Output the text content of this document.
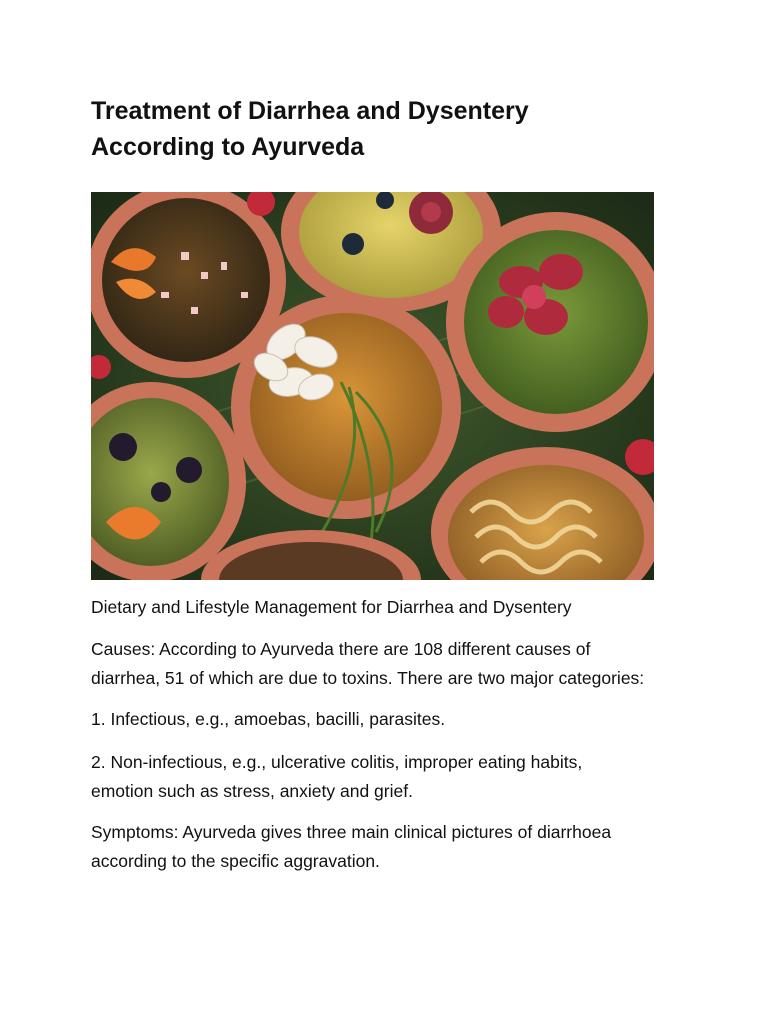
Treatment of Diarrhea and Dysentery
According to Ayurveda

Dietary and Lifestyle Management for Diarrhea and Dysentery

Causes: According to Ayurveda there are 108 different causes of
diarrhea, 51 of which are due to toxins. There are two major categories:

1. Infectious, e.g., amoebas, bacilli, parasites.

2. Non-infectious, e.g., ulcerative colitis, improper eating habits,
emotion such as stress, anxiety and grief.

Symptoms: Ayurveda gives three main clinical pictures of diarrhoea
according to the specific aggravation.
